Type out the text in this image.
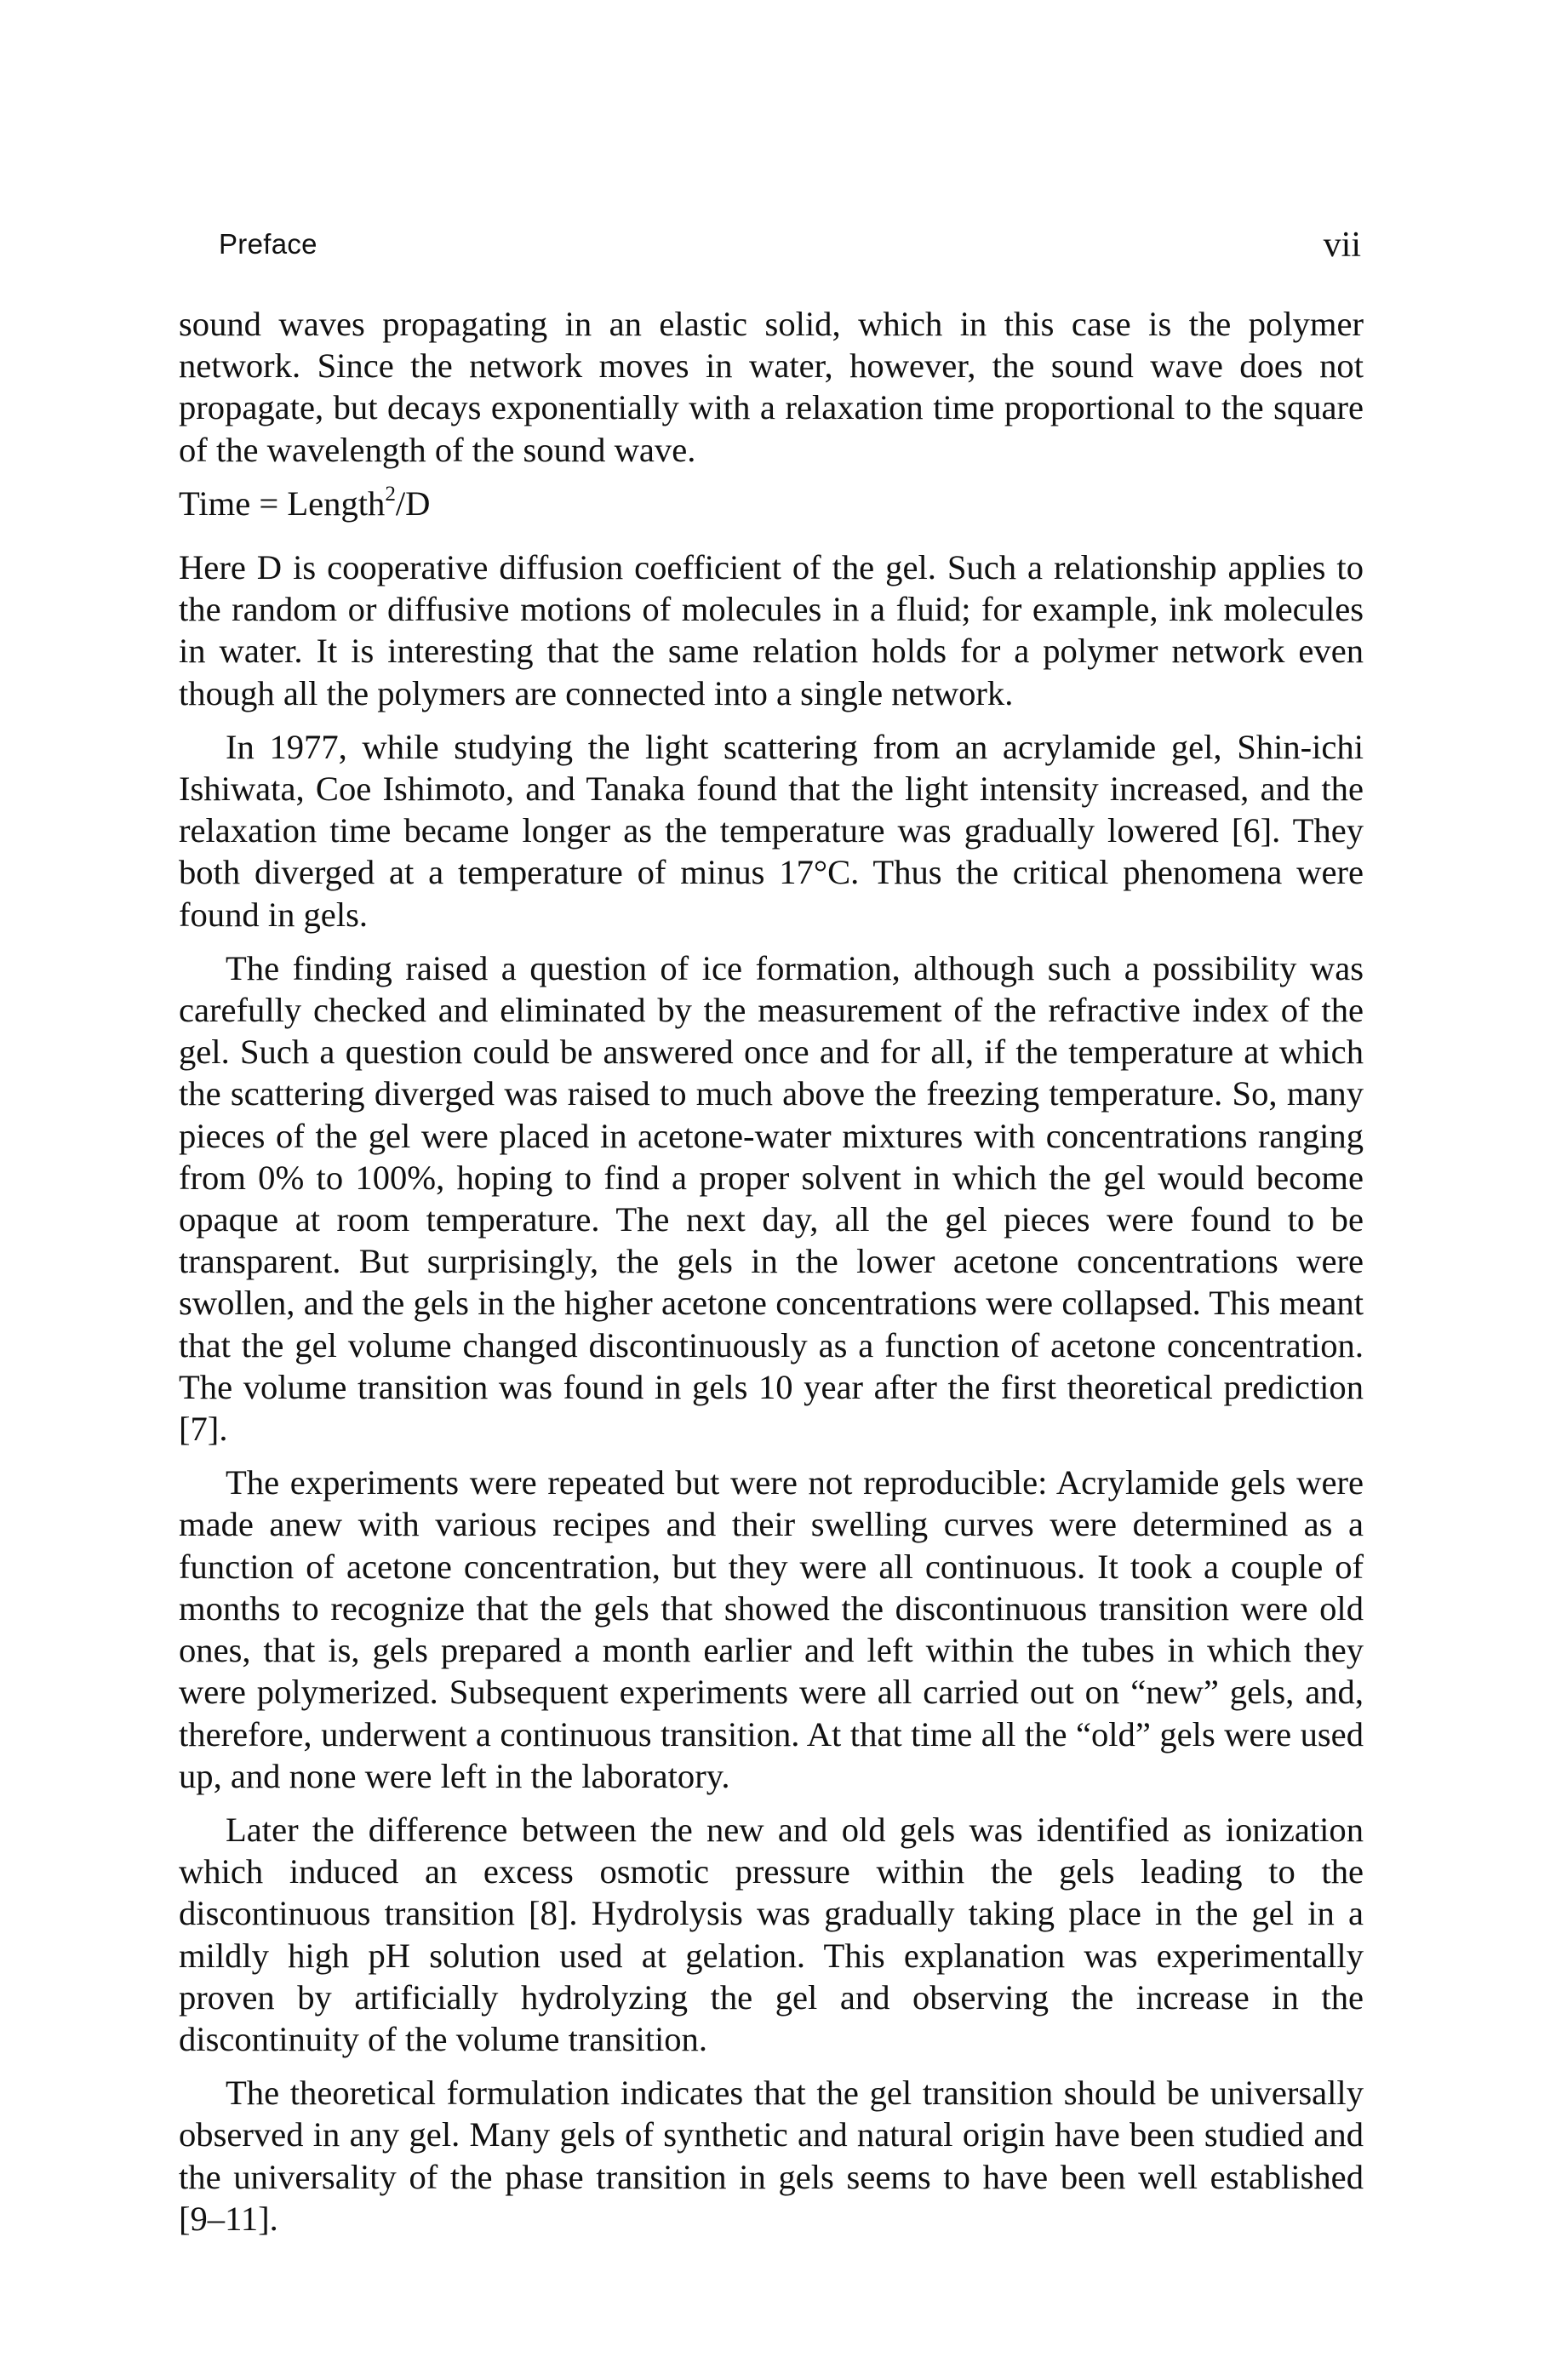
Preface	vii

sound waves propagating in an elastic solid, which in this case is the polymer network. Since the network moves in water, however, the sound wave does not propagate, but decays exponentially with a relaxation time proportional to the square of the wavelength of the sound wave.

Time = Length$^2$/D

Here D is cooperative diffusion coefficient of the gel. Such a relationship applies to the random or diffusive motions of molecules in a fluid; for example, ink molecules in water. It is interesting that the same relation holds for a polymer network even though all the polymers are connected into a single network.

In 1977, while studying the light scattering from an acrylamide gel, Shin-ichi Ishiwata, Coe Ishimoto, and Tanaka found that the light intensity increased, and the relaxation time became longer as the temperature was gradually lowered [6]. They both diverged at a temperature of minus 17°C. Thus the critical phenomena were found in gels.

The finding raised a question of ice formation, although such a possibility was carefully checked and eliminated by the measurement of the refractive index of the gel. Such a question could be answered once and for all, if the temperature at which the scattering diverged was raised to much above the freezing temperature. So, many pieces of the gel were placed in acetone-water mixtures with concentrations ranging from 0% to 100%, hoping to find a proper solvent in which the gel would become opaque at room temperature. The next day, all the gel pieces were found to be transparent. But surprisingly, the gels in the lower acetone concentrations were swollen, and the gels in the higher acetone concentrations were collapsed. This meant that the gel volume changed discontinuously as a function of acetone concentration. The volume transition was found in gels 10 year after the first theoretical prediction [7].

The experiments were repeated but were not reproducible: Acrylamide gels were made anew with various recipes and their swelling curves were determined as a function of acetone concentration, but they were all continuous. It took a couple of months to recognize that the gels that showed the discontinuous transition were old ones, that is, gels prepared a month earlier and left within the tubes in which they were polymerized. Subsequent experiments were all carried out on “new” gels, and, therefore, underwent a continuous transition. At that time all the “old” gels were used up, and none were left in the laboratory.

Later the difference between the new and old gels was identified as ionization which induced an excess osmotic pressure within the gels leading to the discontinuous transition [8]. Hydrolysis was gradually taking place in the gel in a mildly high pH solution used at gelation. This explanation was experimentally proven by artificially hydrolyzing the gel and observing the increase in the discontinuity of the volume transition.

The theoretical formulation indicates that the gel transition should be universally observed in any gel. Many gels of synthetic and natural origin have been studied and the universality of the phase transition in gels seems to have been well established [9–11].
